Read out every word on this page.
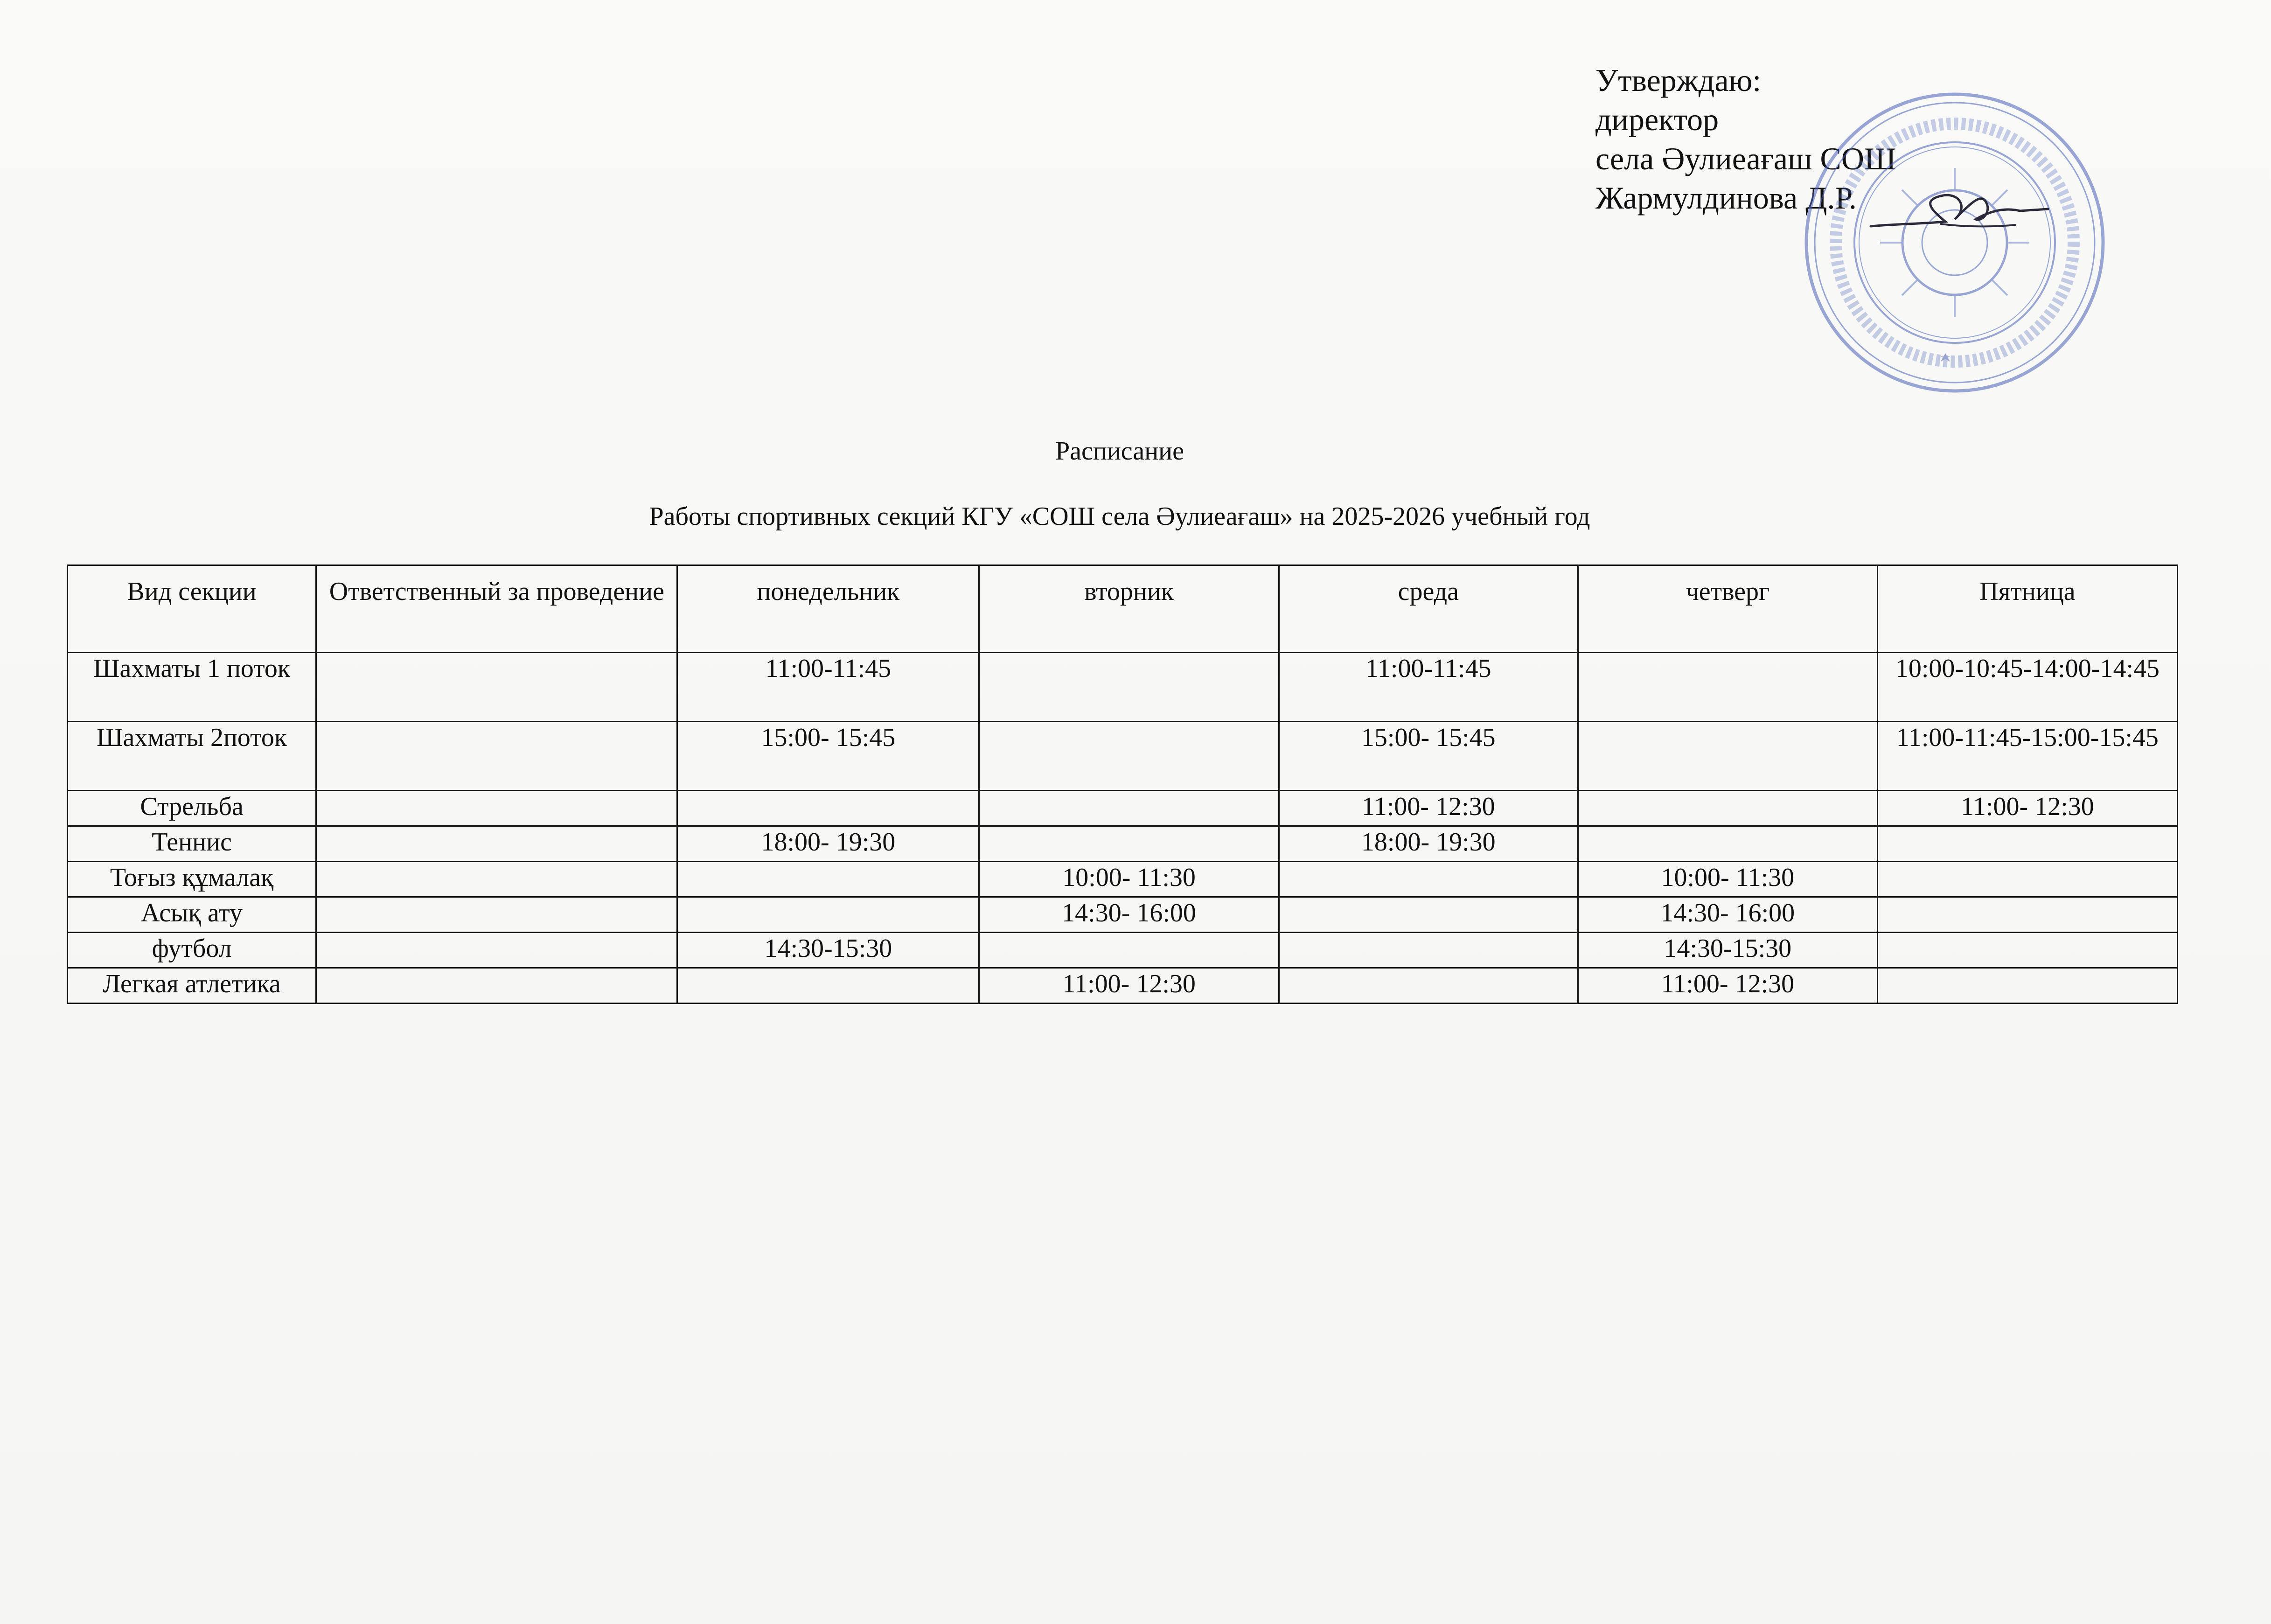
Утверждаю:
директор
села Әулиеағаш СОШ
Жармулдинова Д.Р.
Расписание
Работы спортивных секций КГУ «СОШ села Әулиеағаш» на 2025-2026 учебный год
Вид секции	Ответственный за проведение	понедельник	вторник	среда	четверг	Пятница
Шахматы 1 поток		11:00-11:45		11:00-11:45		10:00-10:45-14:00-14:45
Шахматы 2поток		15:00- 15:45		15:00- 15:45		11:00-11:45-15:00-15:45
Стрельба				11:00- 12:30		11:00- 12:30
Теннис		18:00- 19:30		18:00- 19:30		
Тоғыз құмалақ			10:00- 11:30		10:00- 11:30	
Асық ату			14:30- 16:00		14:30- 16:00	
футбол		14:30-15:30			14:30-15:30	
Легкая атлетика			11:00- 12:30		11:00- 12:30	
